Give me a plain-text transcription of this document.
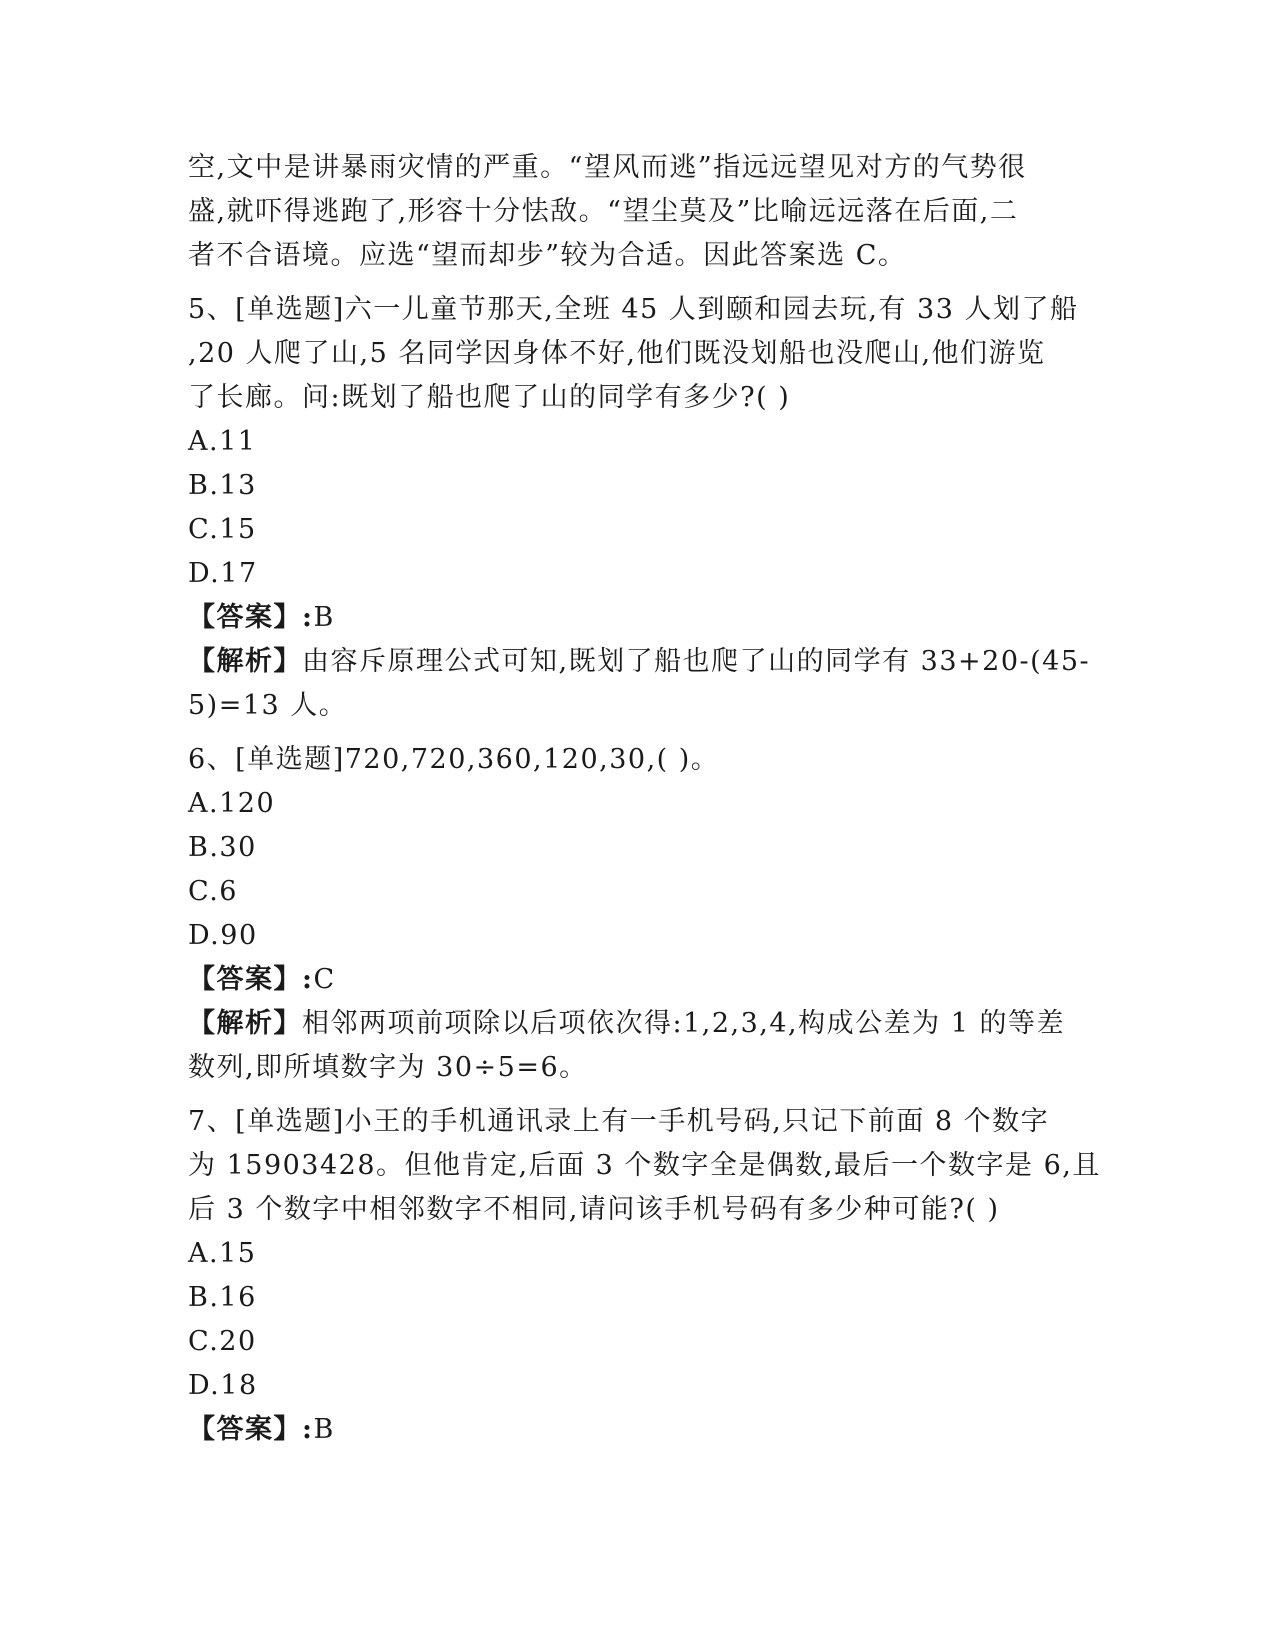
空,文中是讲暴雨灾情的严重。“望风而逃”指远远望见对方的气势很
盛,就吓得逃跑了,形容十分怯敌。“望尘莫及”比喻远远落在后面,二
者不合语境。应选“望而却步”较为合适。因此答案选 C。
5、[单选题]六一儿童节那天,全班 45 人到颐和园去玩,有 33 人划了船
,20 人爬了山,5 名同学因身体不好,他们既没划船也没爬山,他们游览
了长廊。问:既划了船也爬了山的同学有多少?( )
A.11
B.13
C.15
D.17
【答案】:B
【解析】由容斥原理公式可知,既划了船也爬了山的同学有 33+20-(45-
5)=13 人。
6、[单选题]720,720,360,120,30,( )。
A.120
B.30
C.6
D.90
【答案】:C
【解析】相邻两项前项除以后项依次得:1,2,3,4,构成公差为 1 的等差
数列,即所填数字为 30÷5=6。
7、[单选题]小王的手机通讯录上有一手机号码,只记下前面 8 个数字
为 15903428。但他肯定,后面 3 个数字全是偶数,最后一个数字是 6,且
后 3 个数字中相邻数字不相同,请问该手机号码有多少种可能?( )
A.15
B.16
C.20
D.18
【答案】:B
